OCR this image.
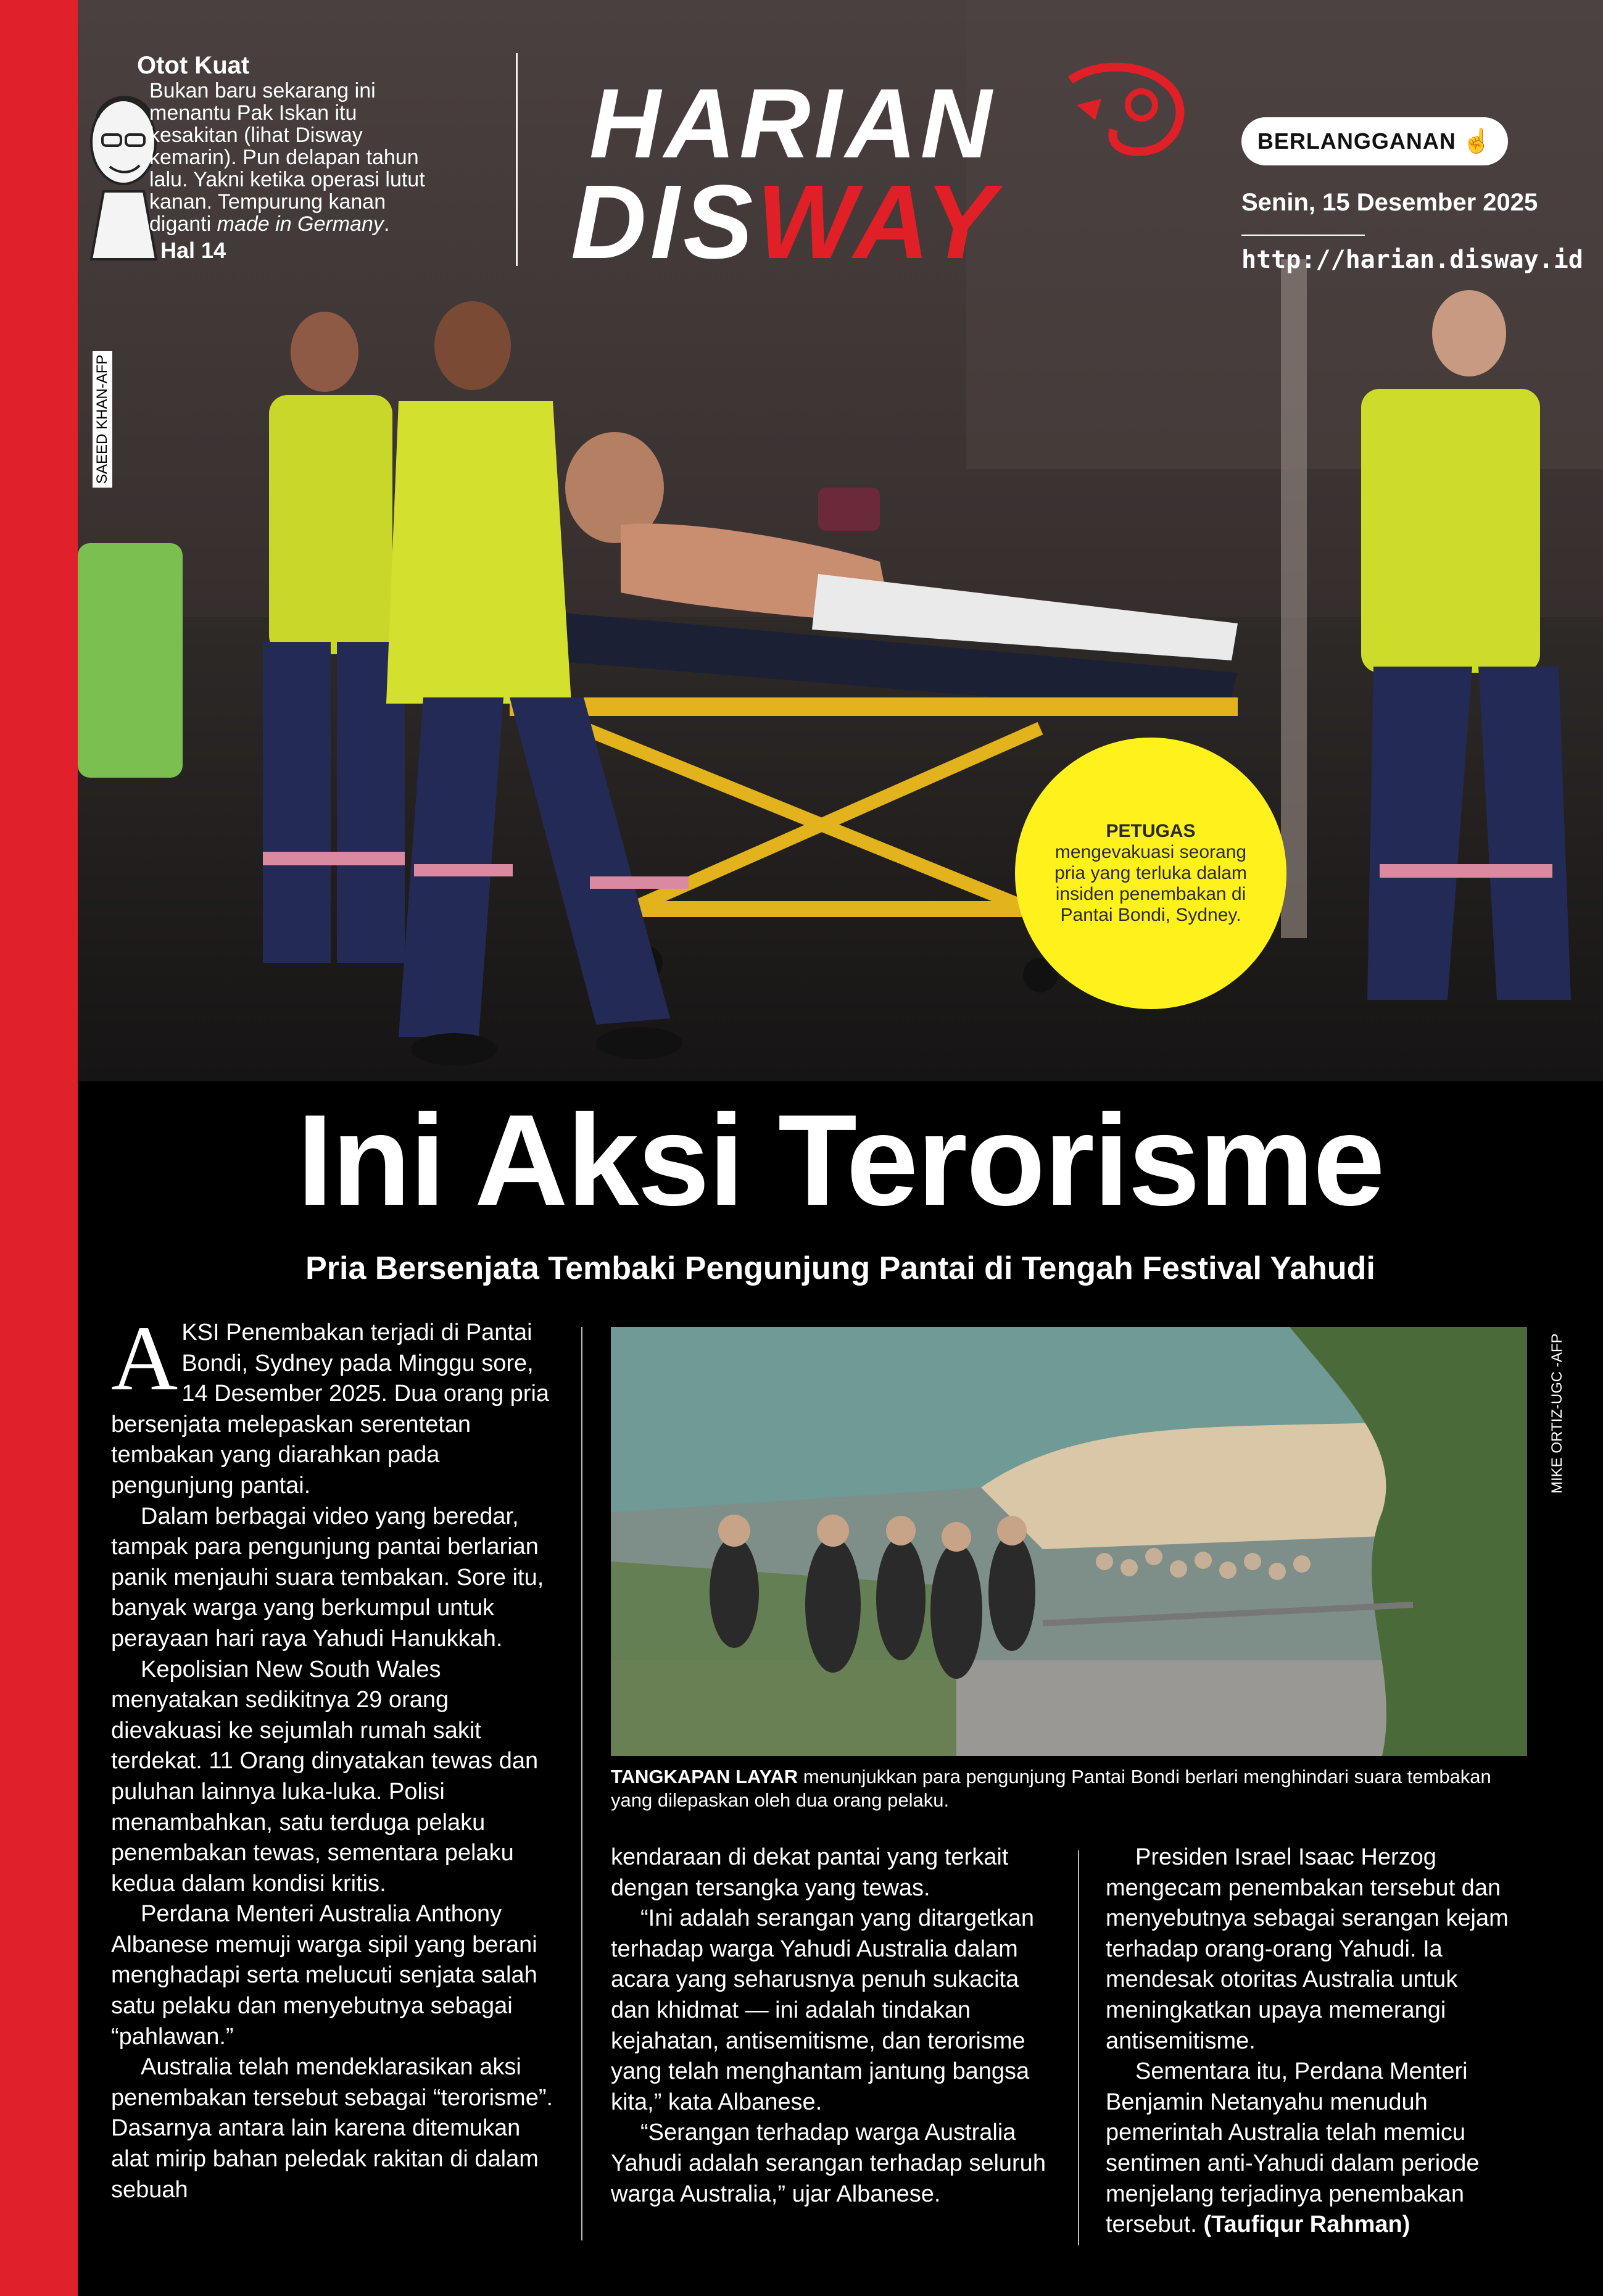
Otot Kuat
Bukan baru sekarang ini
menantu Pak Iskan itu
kesakitan (lihat Disway
kemarin). Pun delapan tahun
lalu. Yakni ketika operasi lutut
kanan. Tempurung kanan
diganti made in Germany.
Hal 14
HARIAN
DISWAY
BERLANGGANAN ☝
Senin, 15 Desember 2025
http://harian.disway.id
SAEED KHAN-AFP
PETUGAS
mengevakuasi seorang pria yang terluka dalam insiden penembakan di Pantai Bondi, Sydney.
Ini Aksi Terorisme
Pria Bersenjata Tembaki Pengunjung Pantai di Tengah Festival Yahudi
A KSI Penembakan terjadi di Pantai Bondi, Sydney pada Minggu sore, 14 Desember 2025. Dua orang pria bersenjata melepaskan serentetan tembakan yang diarahkan pada pengunjung pantai.

Dalam berbagai video yang beredar, tampak para pengunjung pantai berlarian panik menjauhi suara tembakan. Sore itu, banyak warga yang berkumpul untuk perayaan hari raya Yahudi Hanukkah.

Kepolisian New South Wales menyatakan sedikitnya 29 orang dievakuasi ke sejumlah rumah sakit terdekat. 11 Orang dinyatakan tewas dan puluhan lainnya luka-luka. Polisi menambahkan, satu terduga pelaku penembakan tewas, sementara pelaku kedua dalam kondisi kritis.

Perdana Menteri Australia Anthony Albanese memuji warga sipil yang berani menghadapi serta melucuti senjata salah satu pelaku dan menyebutnya sebagai “pahlawan.”

Australia telah mendeklarasikan aksi penembakan tersebut sebagai “terorisme”. Dasarnya antara lain karena ditemukan alat mirip bahan peledak rakitan di dalam sebuah

MIKE ORTIZ-UGC -AFP
TANGKAPAN LAYAR menunjukkan para pengunjung Pantai Bondi berlari menghindari suara tembakan yang dilepaskan oleh dua orang pelaku.

kendaraan di dekat pantai yang terkait dengan tersangka yang tewas.

“Ini adalah serangan yang ditargetkan terhadap warga Yahudi Australia dalam acara yang seharusnya penuh sukacita dan khidmat — ini adalah tindakan kejahatan, antisemitisme, dan terorisme yang telah menghantam jantung bangsa kita,” kata Albanese.

“Serangan terhadap warga Australia Yahudi adalah serangan terhadap seluruh warga Australia,” ujar Albanese.

Presiden Israel Isaac Herzog mengecam penembakan tersebut dan menyebutnya sebagai serangan kejam terhadap orang-orang Yahudi. Ia mendesak otoritas Australia untuk meningkatkan upaya memerangi antisemitisme.

Sementara itu, Perdana Menteri Benjamin Netanyahu menuduh pemerintah Australia telah memicu sentimen anti-Yahudi dalam periode menjelang terjadinya penembakan tersebut. (Taufiqur Rahman)
